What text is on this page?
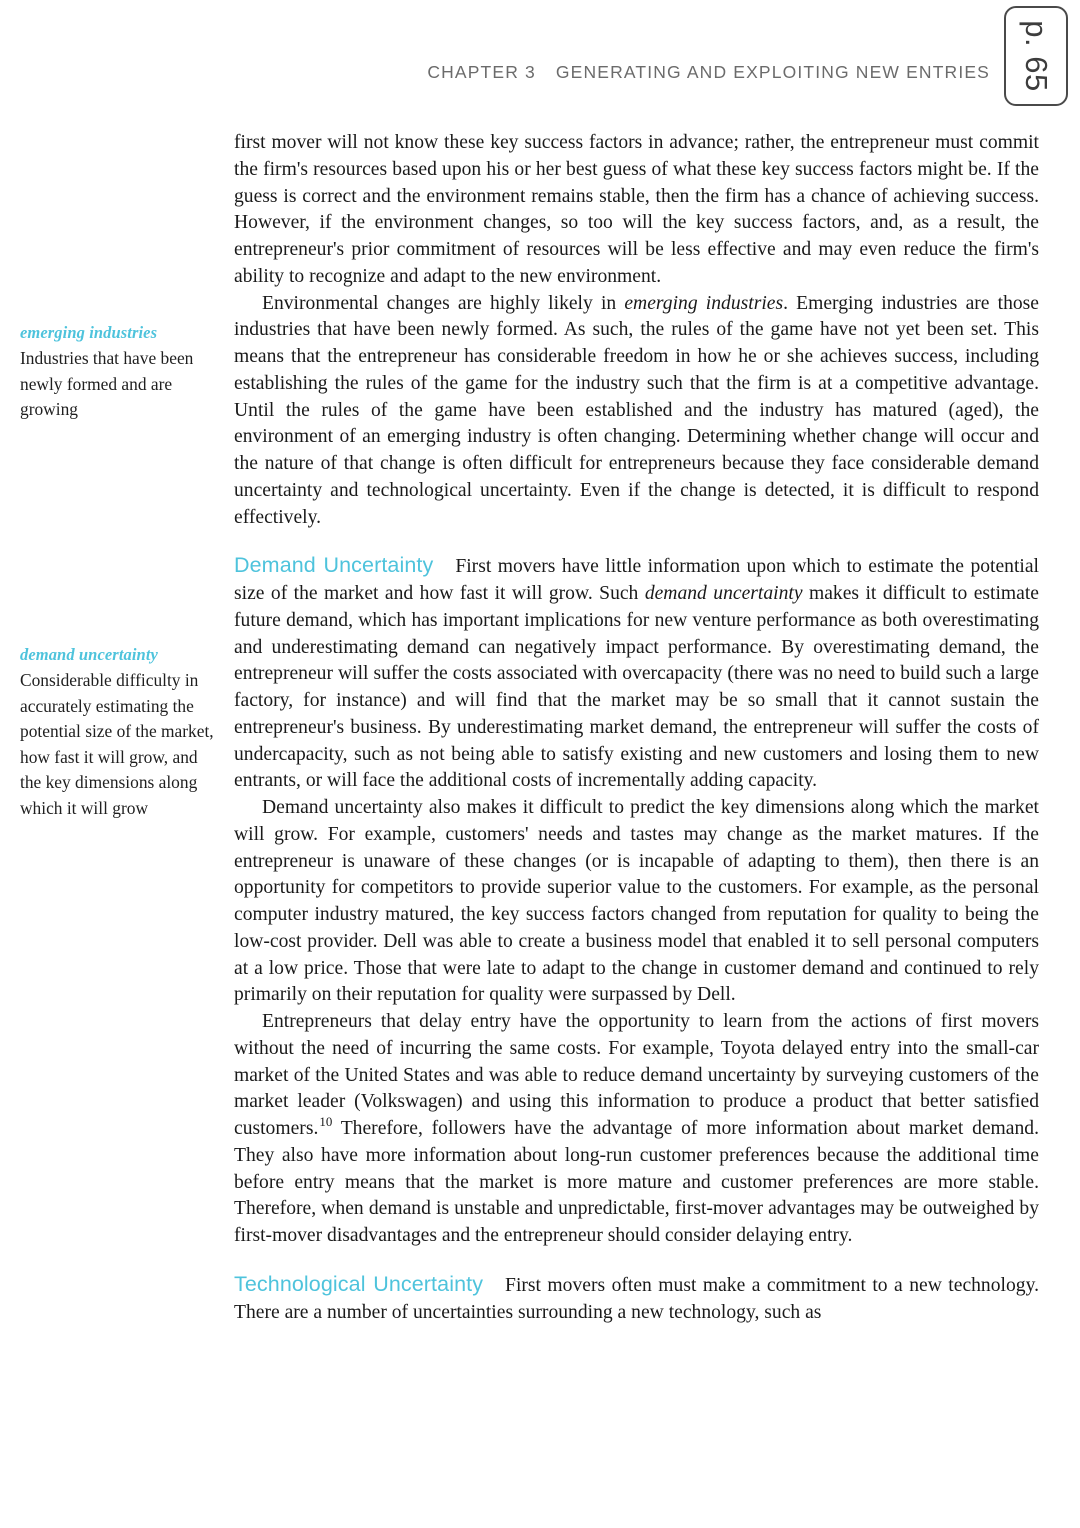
CHAPTER 3 GENERATING AND EXPLOITING NEW ENTRIES p. 65
emerging industries
Industries that have been newly formed and are growing
demand uncertainty
Considerable difficulty in accurately estimating the potential size of the market, how fast it will grow, and the key dimensions along which it will grow

first mover will not know these key success factors in advance; rather, the entrepreneur must commit the firm's resources based upon his or her best guess of what these key success factors might be. If the guess is correct and the environment remains stable, then the firm has a chance of achieving success. However, if the environment changes, so too will the key success factors, and, as a result, the entrepreneur's prior commitment of resources will be less effective and may even reduce the firm's ability to recognize and adapt to the new environment.

Environmental changes are highly likely in emerging industries. Emerging industries are those industries that have been newly formed. As such, the rules of the game have not yet been set. This means that the entrepreneur has considerable freedom in how he or she achieves success, including establishing the rules of the game for the industry such that the firm is at a competitive advantage. Until the rules of the game have been established and the industry has matured (aged), the environment of an emerging industry is often changing. Determining whether change will occur and the nature of that change is often difficult for entrepreneurs because they face considerable demand uncertainty and technological uncertainty. Even if the change is detected, it is difficult to respond effectively.

Demand Uncertainty First movers have little information upon which to estimate the potential size of the market and how fast it will grow. Such demand uncertainty makes it difficult to estimate future demand, which has important implications for new venture performance as both overestimating and underestimating demand can negatively impact performance. By overestimating demand, the entrepreneur will suffer the costs associated with overcapacity (there was no need to build such a large factory, for instance) and will find that the market may be so small that it cannot sustain the entrepreneur's business. By underestimating market demand, the entrepreneur will suffer the costs of undercapacity, such as not being able to satisfy existing and new customers and losing them to new entrants, or will face the additional costs of incrementally adding capacity.

Demand uncertainty also makes it difficult to predict the key dimensions along which the market will grow. For example, customers' needs and tastes may change as the market matures. If the entrepreneur is unaware of these changes (or is incapable of adapting to them), then there is an opportunity for competitors to provide superior value to the customers. For example, as the personal computer industry matured, the key success factors changed from reputation for quality to being the low-cost provider. Dell was able to create a business model that enabled it to sell personal computers at a low price. Those that were late to adapt to the change in customer demand and continued to rely primarily on their reputation for quality were surpassed by Dell.

Entrepreneurs that delay entry have the opportunity to learn from the actions of first movers without the need of incurring the same costs. For example, Toyota delayed entry into the small-car market of the United States and was able to reduce demand uncertainty by surveying customers of the market leader (Volkswagen) and using this information to produce a product that better satisfied customers.$^{10}$ Therefore, followers have the advantage of more information about market demand. They also have more information about long-run customer preferences because the additional time before entry means that the market is more mature and customer preferences are more stable. Therefore, when demand is unstable and unpredictable, first-mover advantages may be outweighed by first-mover disadvantages and the entrepreneur should consider delaying entry.

Technological Uncertainty First movers often must make a commitment to a new technology. There are a number of uncertainties surrounding a new technology, such as
